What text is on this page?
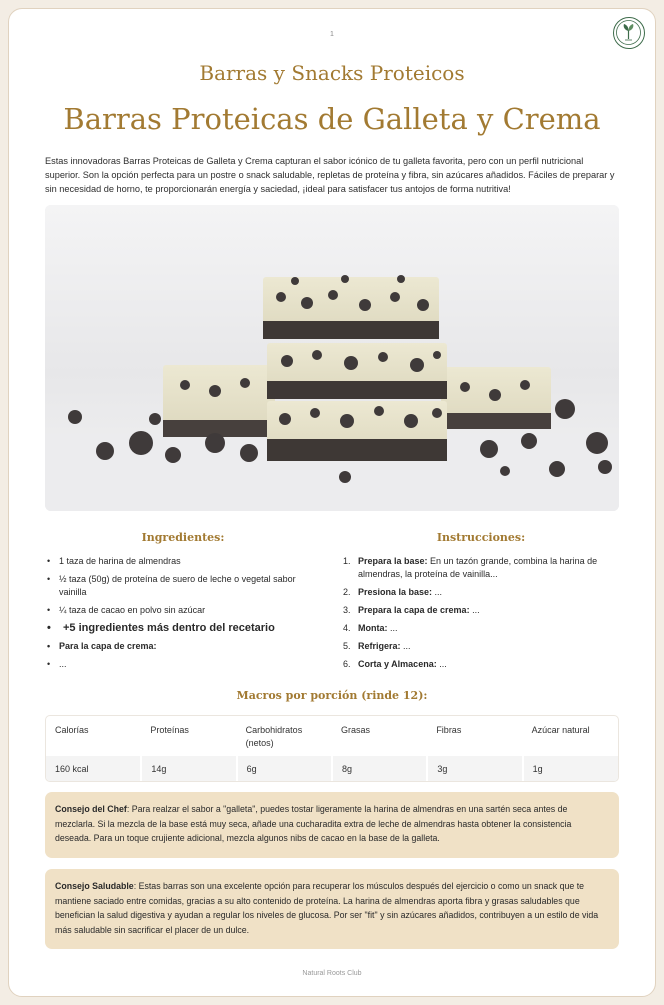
1
Barras y Snacks Proteicos
Barras Proteicas de Galleta y Crema

Estas innovadoras Barras Proteicas de Galleta y Crema capturan el sabor icónico de tu galleta favorita, pero con un perfil nutricional superior. Son la opción perfecta para un postre o snack saludable, repletas de proteína y fibra, sin azúcares añadidos. Fáciles de preparar y sin necesidad de horno, te proporcionarán energía y saciedad, ¡ideal para satisfacer tus antojos de forma nutritiva!

Ingredientes:	Instrucciones:
• 1 taza de harina de almendras
• ½ taza (50g) de proteína de suero de leche o vegetal sabor vainilla
• ¼ taza de cacao en polvo sin azúcar
• +5 ingredientes más dentro del recetario
• Para la capa de crema:
• ...
1. Prepara la base: En un tazón grande, combina la harina de almendras, la proteína de vainilla...
2. Presiona la base: ...
3. Prepara la capa de crema: ...
4. Monta: ...
5. Refrigera: ...
6. Corta y Almacena: ...
Macros por porción (rinde 12):
Calorías	Proteínas	Carbohidratos (netos)	Grasas	Fibras	Azúcar natural
160 kcal	14g	6g	8g	3g	1g
Consejo del Chef: Para realzar el sabor a "galleta", puedes tostar ligeramente la harina de almendras en una sartén seca antes de mezclarla. Si la mezcla de la base está muy seca, añade una cucharadita extra de leche de almendras hasta obtener la consistencia deseada. Para un toque crujiente adicional, mezcla algunos nibs de cacao en la base de la galleta.
Consejo Saludable: Estas barras son una excelente opción para recuperar los músculos después del ejercicio o como un snack que te mantiene saciado entre comidas, gracias a su alto contenido de proteína. La harina de almendras aporta fibra y grasas saludables que benefician la salud digestiva y ayudan a regular los niveles de glucosa. Por ser "fit" y sin azúcares añadidos, contribuyen a un estilo de vida más saludable sin sacrificar el placer de un dulce.
Natural Roots Club
